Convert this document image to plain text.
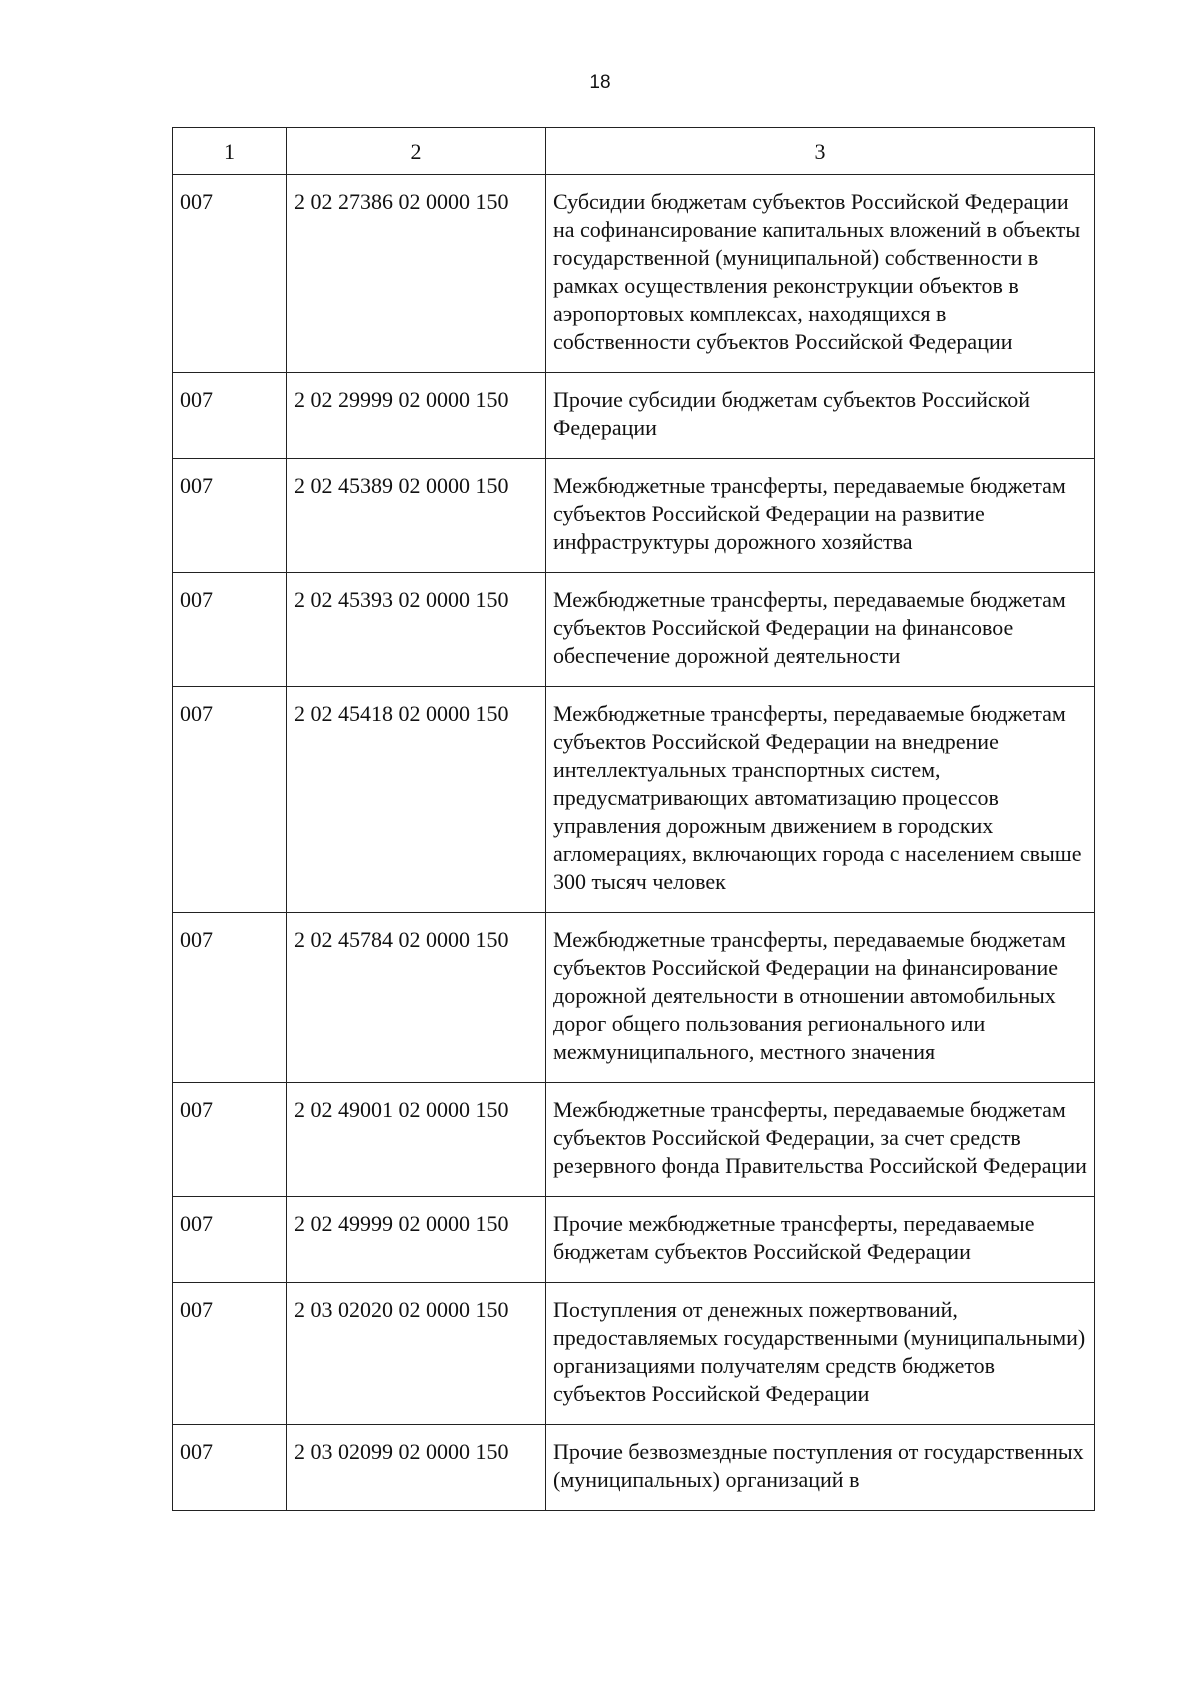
18
1	2	3
007	2 02 27386 02 0000 150	Субсидии бюджетам субъектов Российской Федерации на софинансирование капитальных вложений в объекты государственной (муниципальной) собственности в рамках осуществления реконструкции объектов в аэропортовых комплексах, находящихся в собственности субъектов Российской Федерации
007	2 02 29999 02 0000 150	Прочие субсидии бюджетам субъектов Российской Федерации
007	2 02 45389 02 0000 150	Межбюджетные трансферты, передаваемые бюджетам субъектов Российской Федерации на развитие инфраструктуры дорожного хозяйства
007	2 02 45393 02 0000 150	Межбюджетные трансферты, передаваемые бюджетам субъектов Российской Федерации на финансовое обеспечение дорожной деятельности
007	2 02 45418 02 0000 150	Межбюджетные трансферты, передаваемые бюджетам субъектов Российской Федерации на внедрение интеллектуальных транспортных систем, предусматривающих автоматизацию процессов управления дорожным движением в городских агломерациях, включающих города с населением свыше 300 тысяч человек
007	2 02 45784 02 0000 150	Межбюджетные трансферты, передаваемые бюджетам субъектов Российской Федерации на финансирование дорожной деятельности в отношении автомобильных дорог общего пользования регионального или межмуниципального, местного значения
007	2 02 49001 02 0000 150	Межбюджетные трансферты, передаваемые бюджетам субъектов Российской Федерации, за счет средств резервного фонда Правительства Российской Федерации
007	2 02 49999 02 0000 150	Прочие межбюджетные трансферты, передаваемые бюджетам субъектов Российской Федерации
007	2 03 02020 02 0000 150	Поступления от денежных пожертвований, предоставляемых государственными (муниципальными) организациями получателям средств бюджетов субъектов Российской Федерации
007	2 03 02099 02 0000 150	Прочие безвозмездные поступления от государственных (муниципальных) организаций в
